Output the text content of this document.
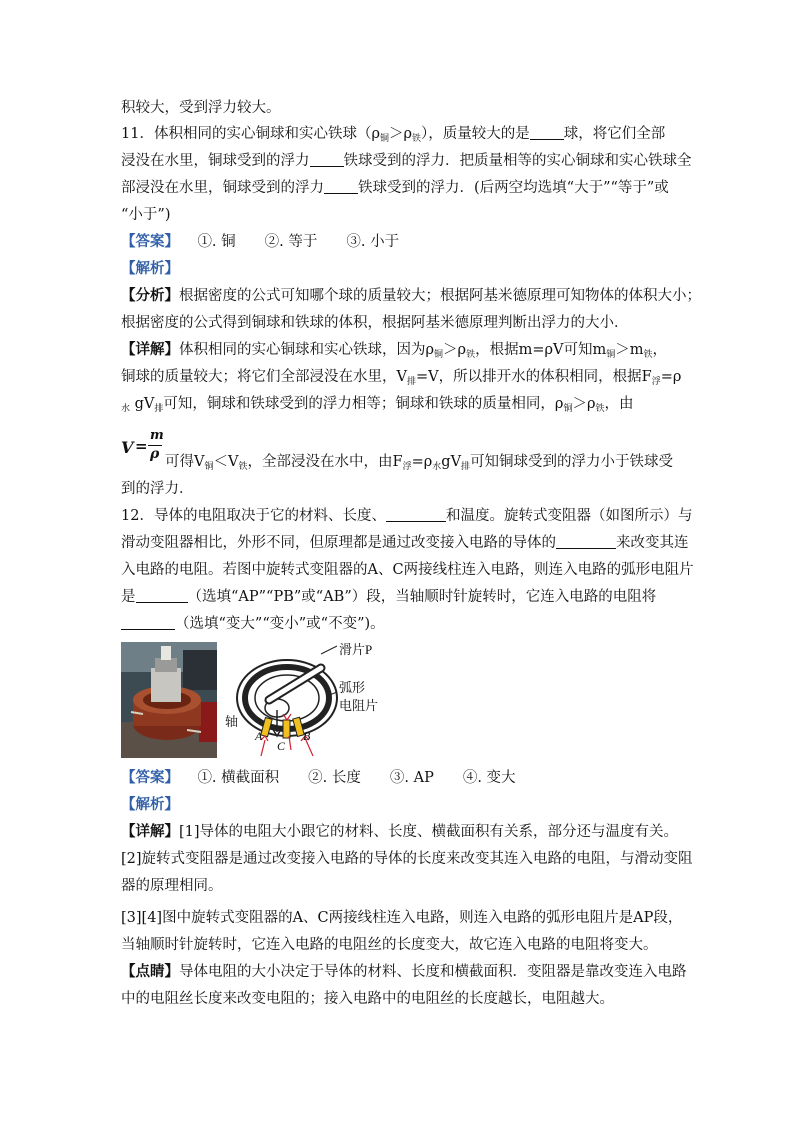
积较大，受到浮力较大。
11．体积相同的实心铜球和实心铁球$(\rho_铜>\rho_铁)$，质量较大的是 球，将它们全部
浸没在水里，铜球受到的浮力 铁球受到的浮力．把质量相等的实心铜球和实心铁球全
部浸没在水里，铜球受到的浮力 铁球受到的浮力．(后两空均选填“大于”“等于”或
“小于”)
【答案】 ①. 铜　　②. 等于　　③. 小于
【解析】
【分析】根据密度的公式可知哪个球的质量较大；根据阿基米德原理可知物体的体积大小；
根据密度的公式得到铜球和铁球的体积，根据阿基米德原理判断出浮力的大小．
【详解】体积相同的实心铜球和实心铁球，因为$\rho_铜>\rho_铁$，根据m=ρV可知$m_铜>m_铁$，
铜球的质量较大；将它们全部浸没在水里，$V_排=V$，所以排开水的体积相同，根据$F_浮=\rho$
$_水$ $gV_排$可知，铜球和铁球受到的浮力相等；铜球和铁球的质量相同，$\rho_铜>\rho_铁$，由
V =
m
ρ 可得$V_铜<V_铁$，全部浸没在水中，由$F_浮=\rho_水gV_排$可知铜球受到的浮力小于铁球受
到的浮力．
12．导体的电阻取决于它的材料、长度、	和温度。旋转式变阻器（如图所示）与
滑动变阻器相比，外形不同，但原理都是通过改变接入电路的导体的	来改变其连
入电路的电阻。若图中旋转式变阻器的A、C两接线柱连入电路，则连入电路的弧形电阻片
是	（选填“AP”“PB”或“AB”）段，当轴顺时针旋转时，它连入电路的电阻将
（选填“变大”“变小”或“不变”)。
滑片P
弧形
电阻片
轴
A
C
B
【答案】 ①. 横截面积　　②. 长度　　③. AP　　④. 变大
【解析】
【详解】[1]导体的电阻大小跟它的材料、长度、横截面积有关系，部分还与温度有关。
[2]旋转式变阻器是通过改变接入电路的导体的长度来改变其连入电路的电阻，与滑动变阻
器的原理相同。
[3][4]图中旋转式变阻器的A、C两接线柱连入电路，则连入电路的弧形电阻片是AP段，
当轴顺时针旋转时，它连入电路的电阻丝的长度变大，故它连入电路的电阻将变大。
【点睛】导体电阻的大小决定于导体的材料、长度和横截面积．变阻器是靠改变连入电路
中的电阻丝长度来改变电阻的；接入电路中的电阻丝的长度越长，电阻越大。
